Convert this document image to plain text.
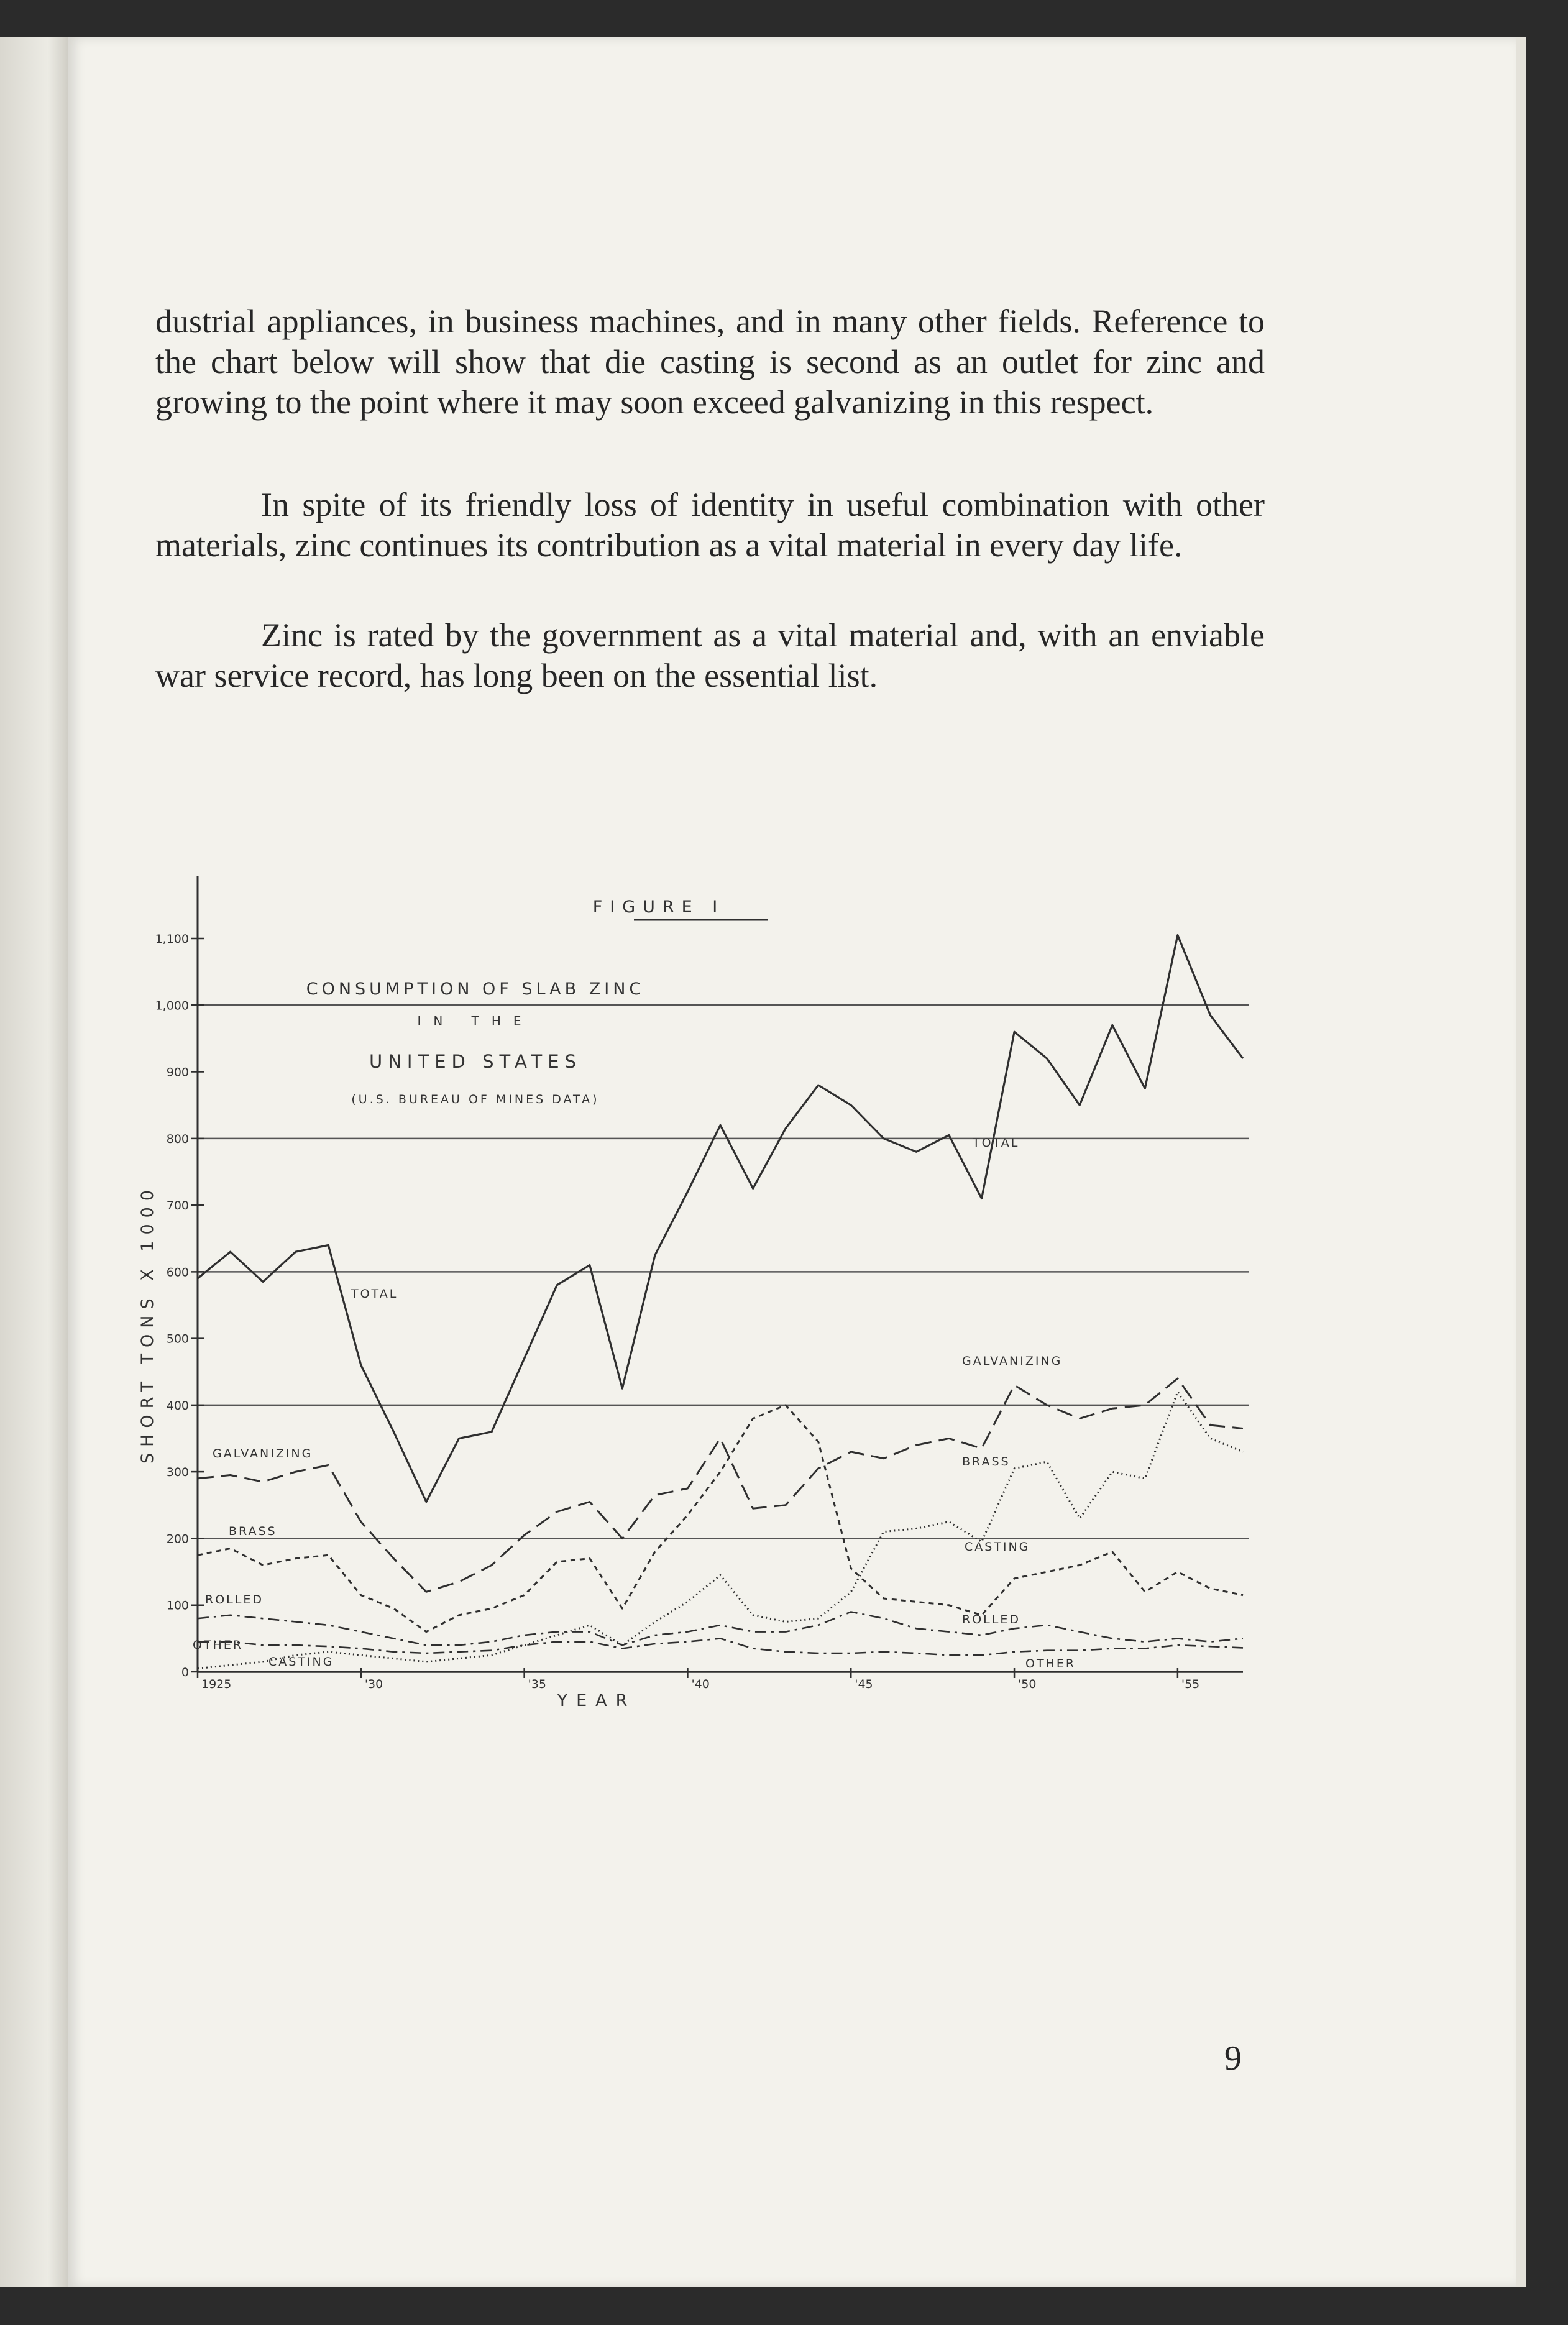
dustrial appliances, in business machines, and in many other fields. Reference to the chart below will show that die casting is second as an outlet for zinc and growing to the point where it may soon exceed galvanizing in this respect.

In spite of its friendly loss of identity in useful combination with other materials, zinc continues its contribution as a vital material in every day life.

Zinc is rated by the government as a vital material and, with an enviable war service record, has long been on the essential list.

FIGURE I
CONSUMPTION OF SLAB ZINC
IN THE
UNITED STATES
(U.S. BUREAU OF MINES DATA)
YEAR
SHORT TONS X 1000
0
100
200
300
400
500
600
700
800
900
1,000
1,100
1925	'30	'35	'40	'45	'50	'55
TOTAL
TOTAL
GALVANIZING
GALVANIZING
BRASS
BRASS
CASTING
CASTING
ROLLED
ROLLED
OTHER
OTHER
9
